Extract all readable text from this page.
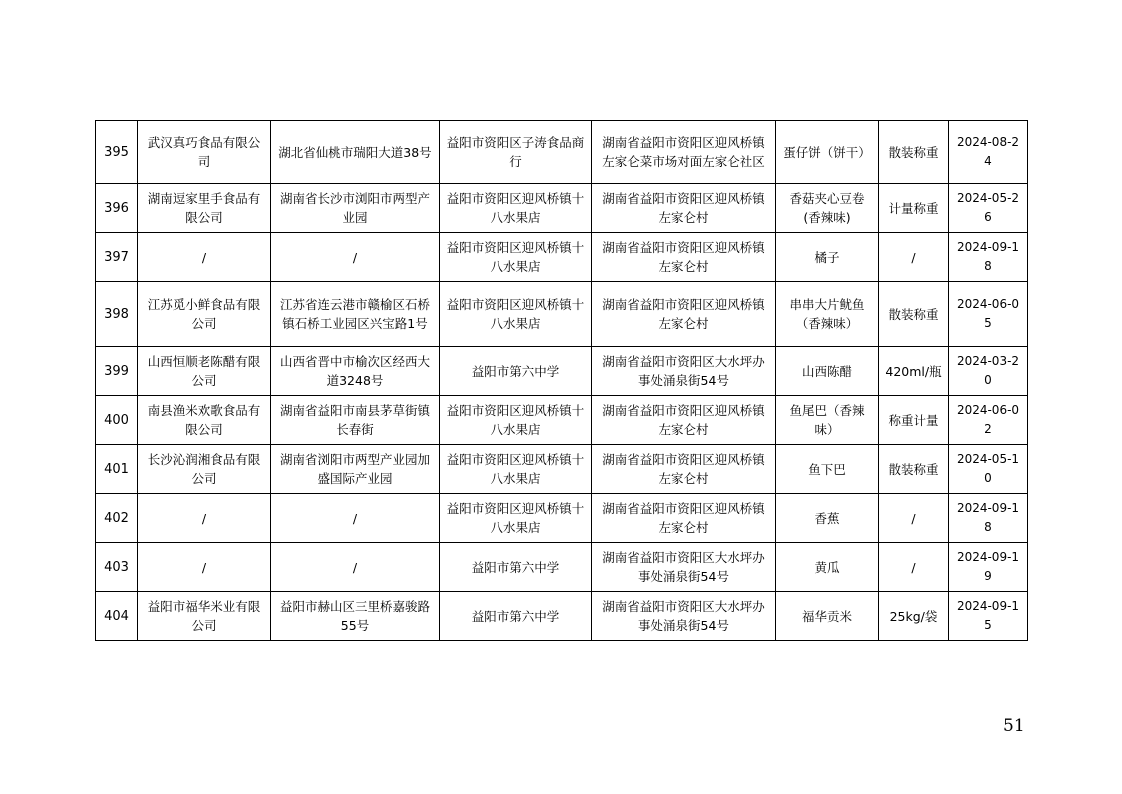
395	武汉真巧食品有限公司	湖北省仙桃市瑞阳大道38号	益阳市资阳区子涛食品商行	湖南省益阳市资阳区迎风桥镇左家仑菜市场对面左家仑社区	蛋仔饼（饼干）	散装称重	2024-08-24
396	湖南逗家里手食品有限公司	湖南省长沙市浏阳市两型产业园	益阳市资阳区迎风桥镇十八水果店	湖南省益阳市资阳区迎风桥镇左家仑村	香菇夹心豆卷(香辣味)	计量称重	2024-05-26
397	/	/	益阳市资阳区迎风桥镇十八水果店	湖南省益阳市资阳区迎风桥镇左家仑村	橘子	/	2024-09-18
398	江苏觅小鲜食品有限公司	江苏省连云港市赣榆区石桥镇石桥工业园区兴宝路1号	益阳市资阳区迎风桥镇十八水果店	湖南省益阳市资阳区迎风桥镇左家仑村	串串大片鱿鱼（香辣味）	散装称重	2024-06-05
399	山西恒顺老陈醋有限公司	山西省晋中市榆次区经西大道3248号	益阳市第六中学	湖南省益阳市资阳区大水坪办事处涌泉街54号	山西陈醋	420ml/瓶	2024-03-20
400	南县渔米欢歌食品有限公司	湖南省益阳市南县茅草街镇长春街	益阳市资阳区迎风桥镇十八水果店	湖南省益阳市资阳区迎风桥镇左家仑村	鱼尾巴（香辣味）	称重计量	2024-06-02
401	长沙沁润湘食品有限公司	湖南省浏阳市两型产业园加盛国际产业园	益阳市资阳区迎风桥镇十八水果店	湖南省益阳市资阳区迎风桥镇左家仑村	鱼下巴	散装称重	2024-05-10
402	/	/	益阳市资阳区迎风桥镇十八水果店	湖南省益阳市资阳区迎风桥镇左家仑村	香蕉	/	2024-09-18
403	/	/	益阳市第六中学	湖南省益阳市资阳区大水坪办事处涌泉街54号	黄瓜	/	2024-09-19
404	益阳市福华米业有限公司	益阳市赫山区三里桥嘉骏路55号	益阳市第六中学	湖南省益阳市资阳区大水坪办事处涌泉街54号	福华贡米	25kg/袋	2024-09-15
51
